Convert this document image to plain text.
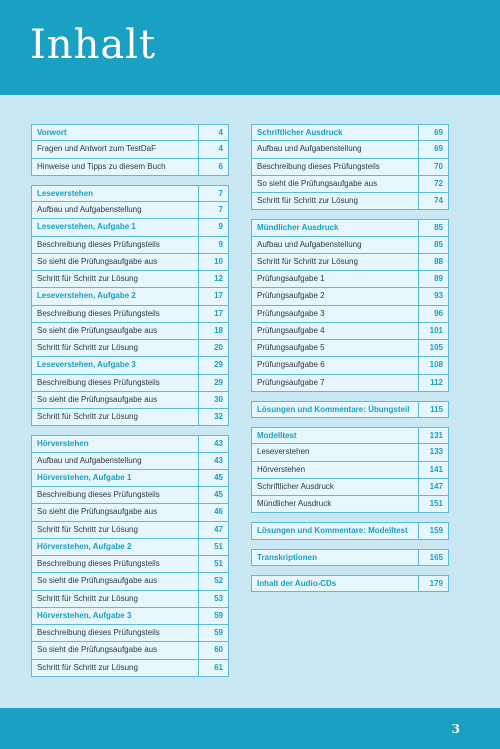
Inhalt
Vorwort	4
Fragen und Antwort zum TestDaF	4
Hinweise und Tipps zu diesem Buch	6
Leseverstehen	7
Aufbau und Aufgabenstellung	7
Leseverstehen, Aufgabe 1	9
Beschreibung dieses Prüfungsteils	9
So sieht die Prüfungsaufgabe aus	10
Schritt für Schritt zur Lösung	12
Leseverstehen, Aufgabe 2	17
Beschreibung dieses Prüfungsteils	17
So sieht die Prüfungsaufgabe aus	18
Schritt für Schritt zur Lösung	20
Leseverstehen, Aufgabe 3	29
Beschreibung dieses Prüfungsteils	29
So sieht die Prüfungsaufgabe aus	30
Schritt für Schritt zur Lösung	32
Hörverstehen	43
Aufbau und Aufgabenstellung	43
Hörverstehen, Aufgabe 1	45
Beschreibung dieses Prüfungsteils	45
So sieht die Prüfungsaufgabe aus	46
Schritt für Schritt zur Lösung	47
Hörverstehen, Aufgabe 2	51
Beschreibung dieses Prüfungsteils	51
So sieht die Prüfungsaufgabe aus	52
Schritt für Schritt zur Lösung	53
Hörverstehen, Aufgabe 3	59
Beschreibung dieses Prüfungsteils	59
So sieht die Prüfungsaufgabe aus	60
Schritt für Schritt zur Lösung	61
Schriftlicher Ausdruck	69
Aufbau und Aufgabenstellung	69
Beschreibung dieses Prüfungsteils	70
So sieht die Prüfungsaufgabe aus	72
Schritt für Schritt zur Lösung	74
Mündlicher Ausdruck	85
Aufbau und Aufgabenstellung	85
Schritt für Schritt zur Lösung	88
Prüfungsaufgabe 1	89
Prüfungsaufgabe 2	93
Prüfungsaufgabe 3	96
Prüfungsaufgabe 4	101
Prüfungsaufgabe 5	105
Prüfungsaufgabe 6	108
Prüfungsaufgabe 7	112
Lösungen und Kommentare: Übungsteil	115
Modelltest	131
Leseverstehen	133
Hörverstehen	141
Schriftlicher Ausdruck	147
Mündlicher Ausdruck	151
Lösungen und Kommentare: Modelltest	159
Transkriptionen	165
Inhalt der Audio-CDs	179
3
